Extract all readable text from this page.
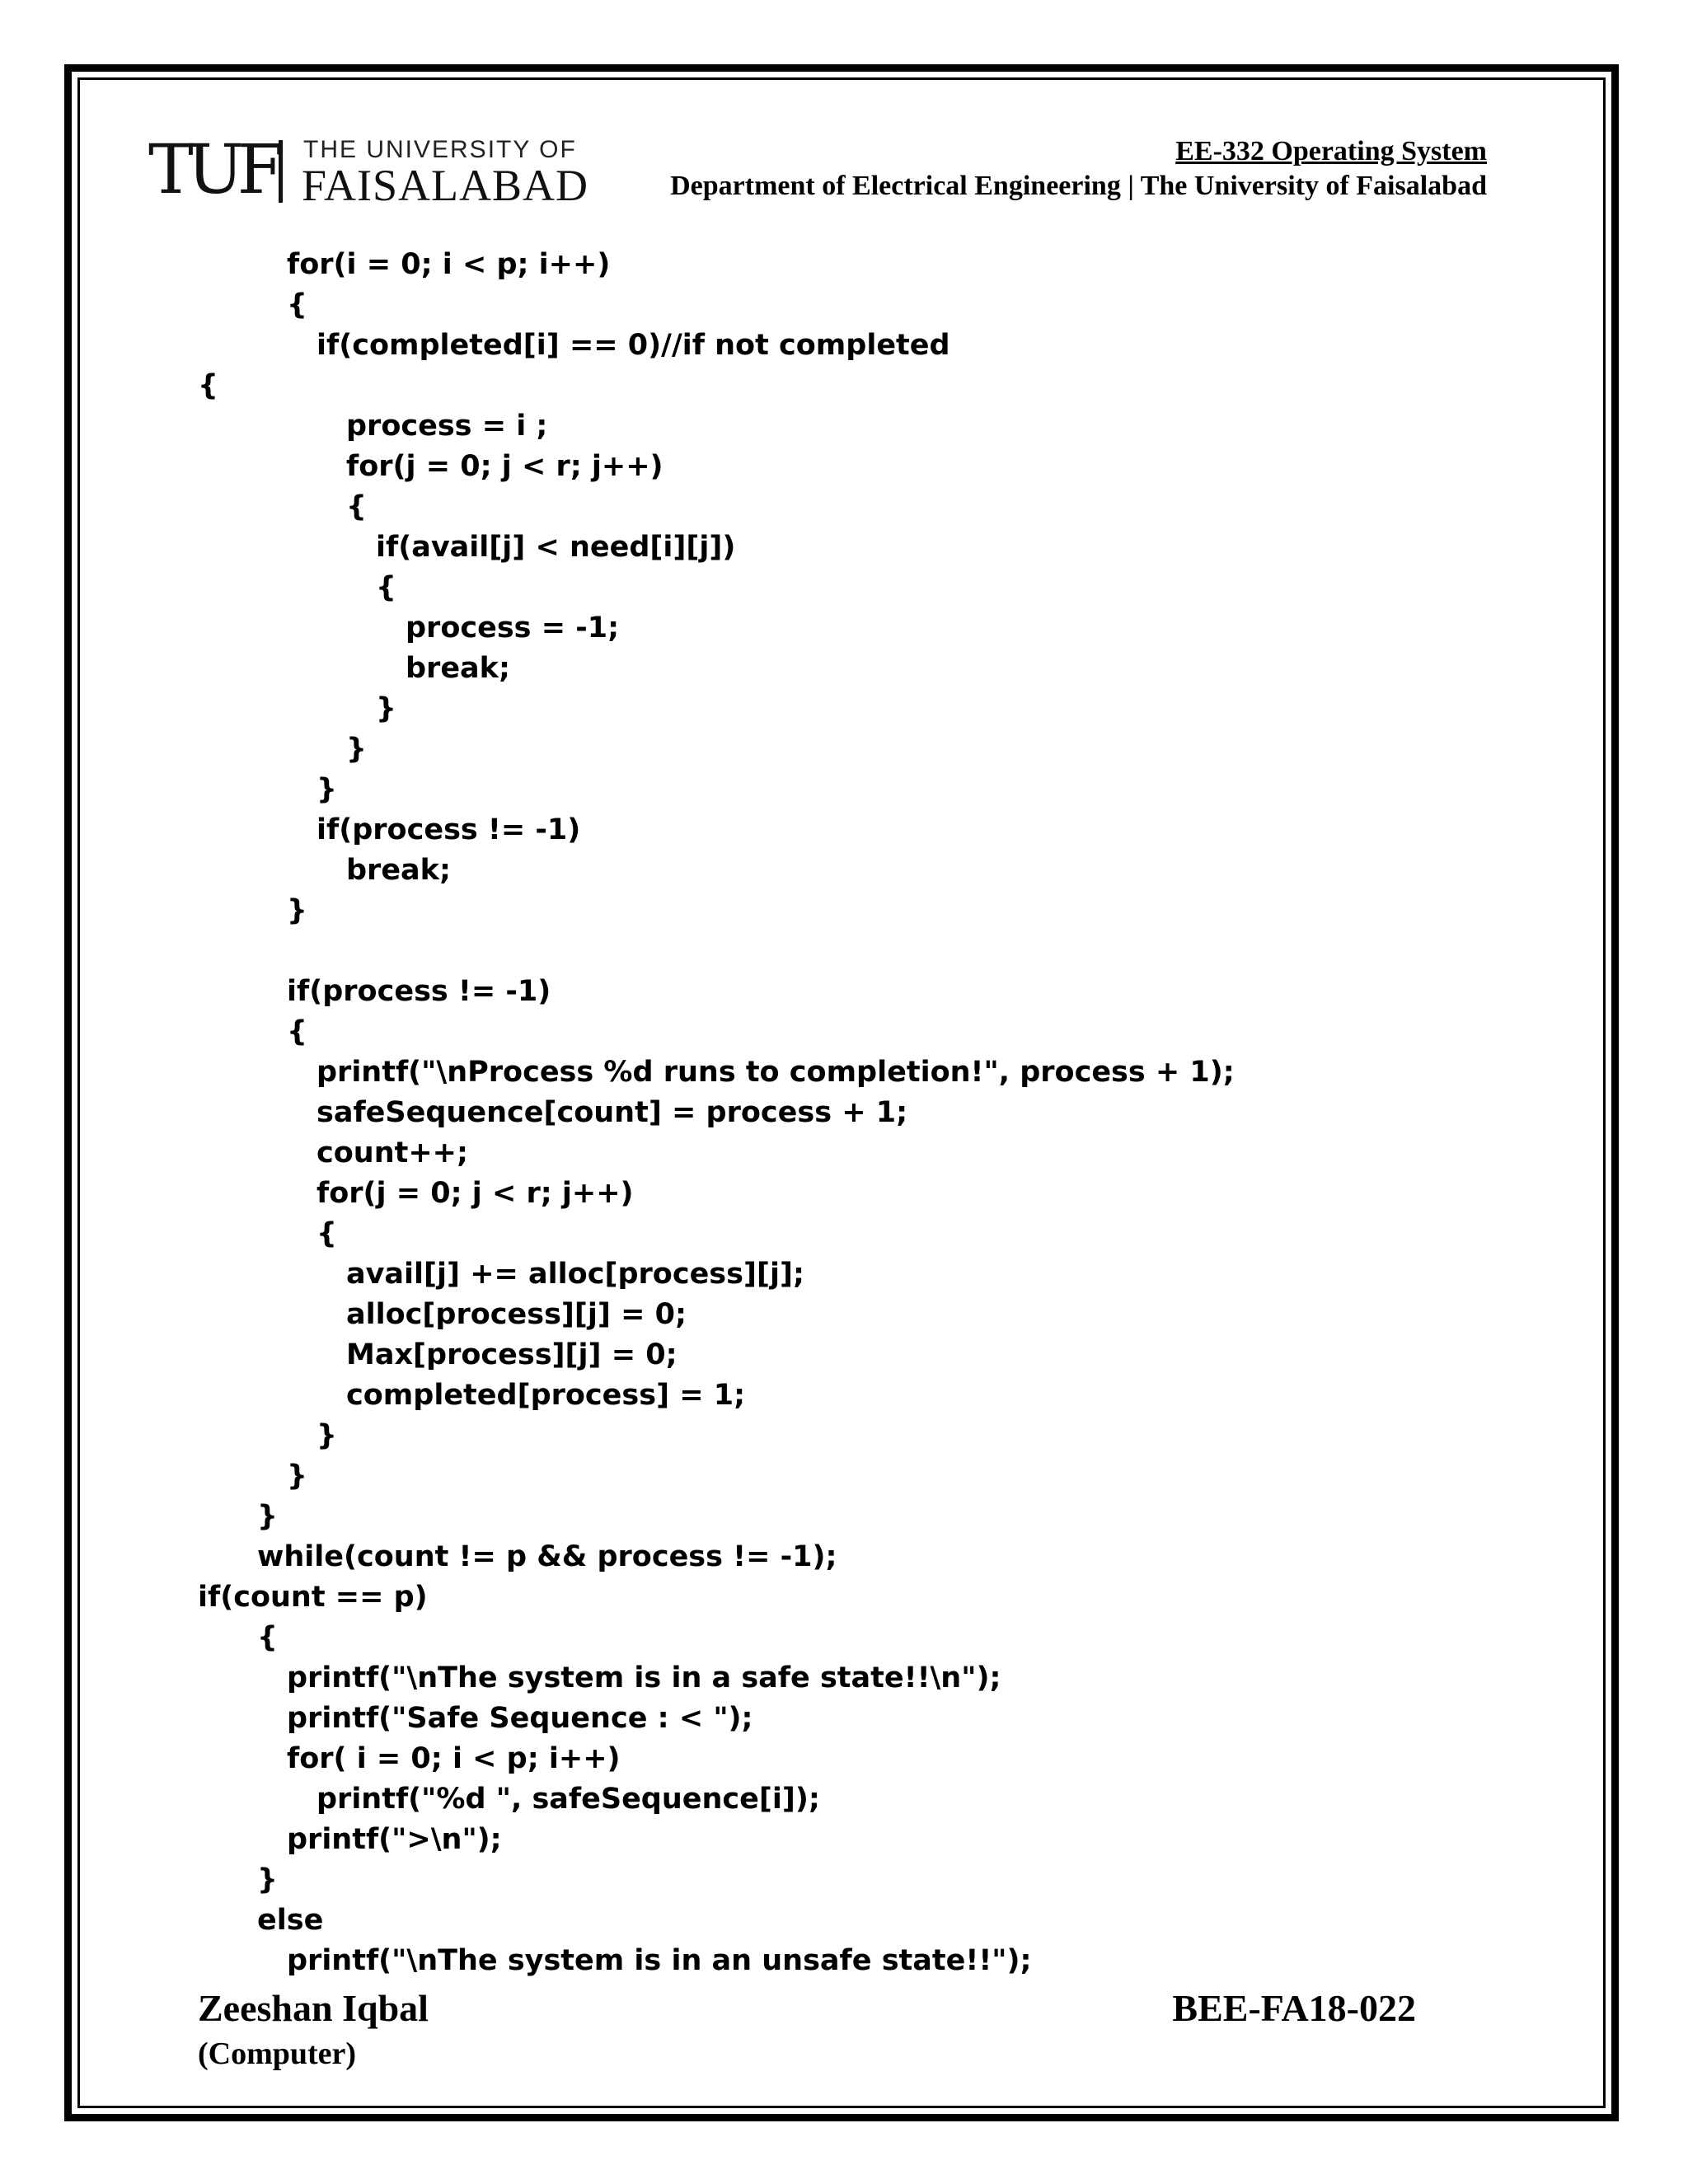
TUF THE UNIVERSITY OF
FAISALABAD
EE-332 Operating System
Department of Electrical Engineering | The University of Faisalabad
for(i = 0; i < p; i++)
{
if(completed[i] == 0)//if not completed
{
process = i ;
for(j = 0; j < r; j++)
{
if(avail[j] < need[i][j])
{
process = -1;
break;
}
}
}
if(process != -1)
break;
}
if(process != -1)
{
printf("\nProcess %d runs to completion!", process + 1);
safeSequence[count] = process + 1;
count++;
for(j = 0; j < r; j++)
{
avail[j] += alloc[process][j];
alloc[process][j] = 0;
Max[process][j] = 0;
completed[process] = 1;
}
}
}
while(count != p && process != -1);
if(count == p)
{
printf("\nThe system is in a safe state!!\n");
printf("Safe Sequence : < ");
for( i = 0; i < p; i++)
printf("%d ", safeSequence[i]);
printf(">\n");
}
else
printf("\nThe system is in an unsafe state!!");
Zeeshan Iqbal
(Computer)
BEE-FA18-022
